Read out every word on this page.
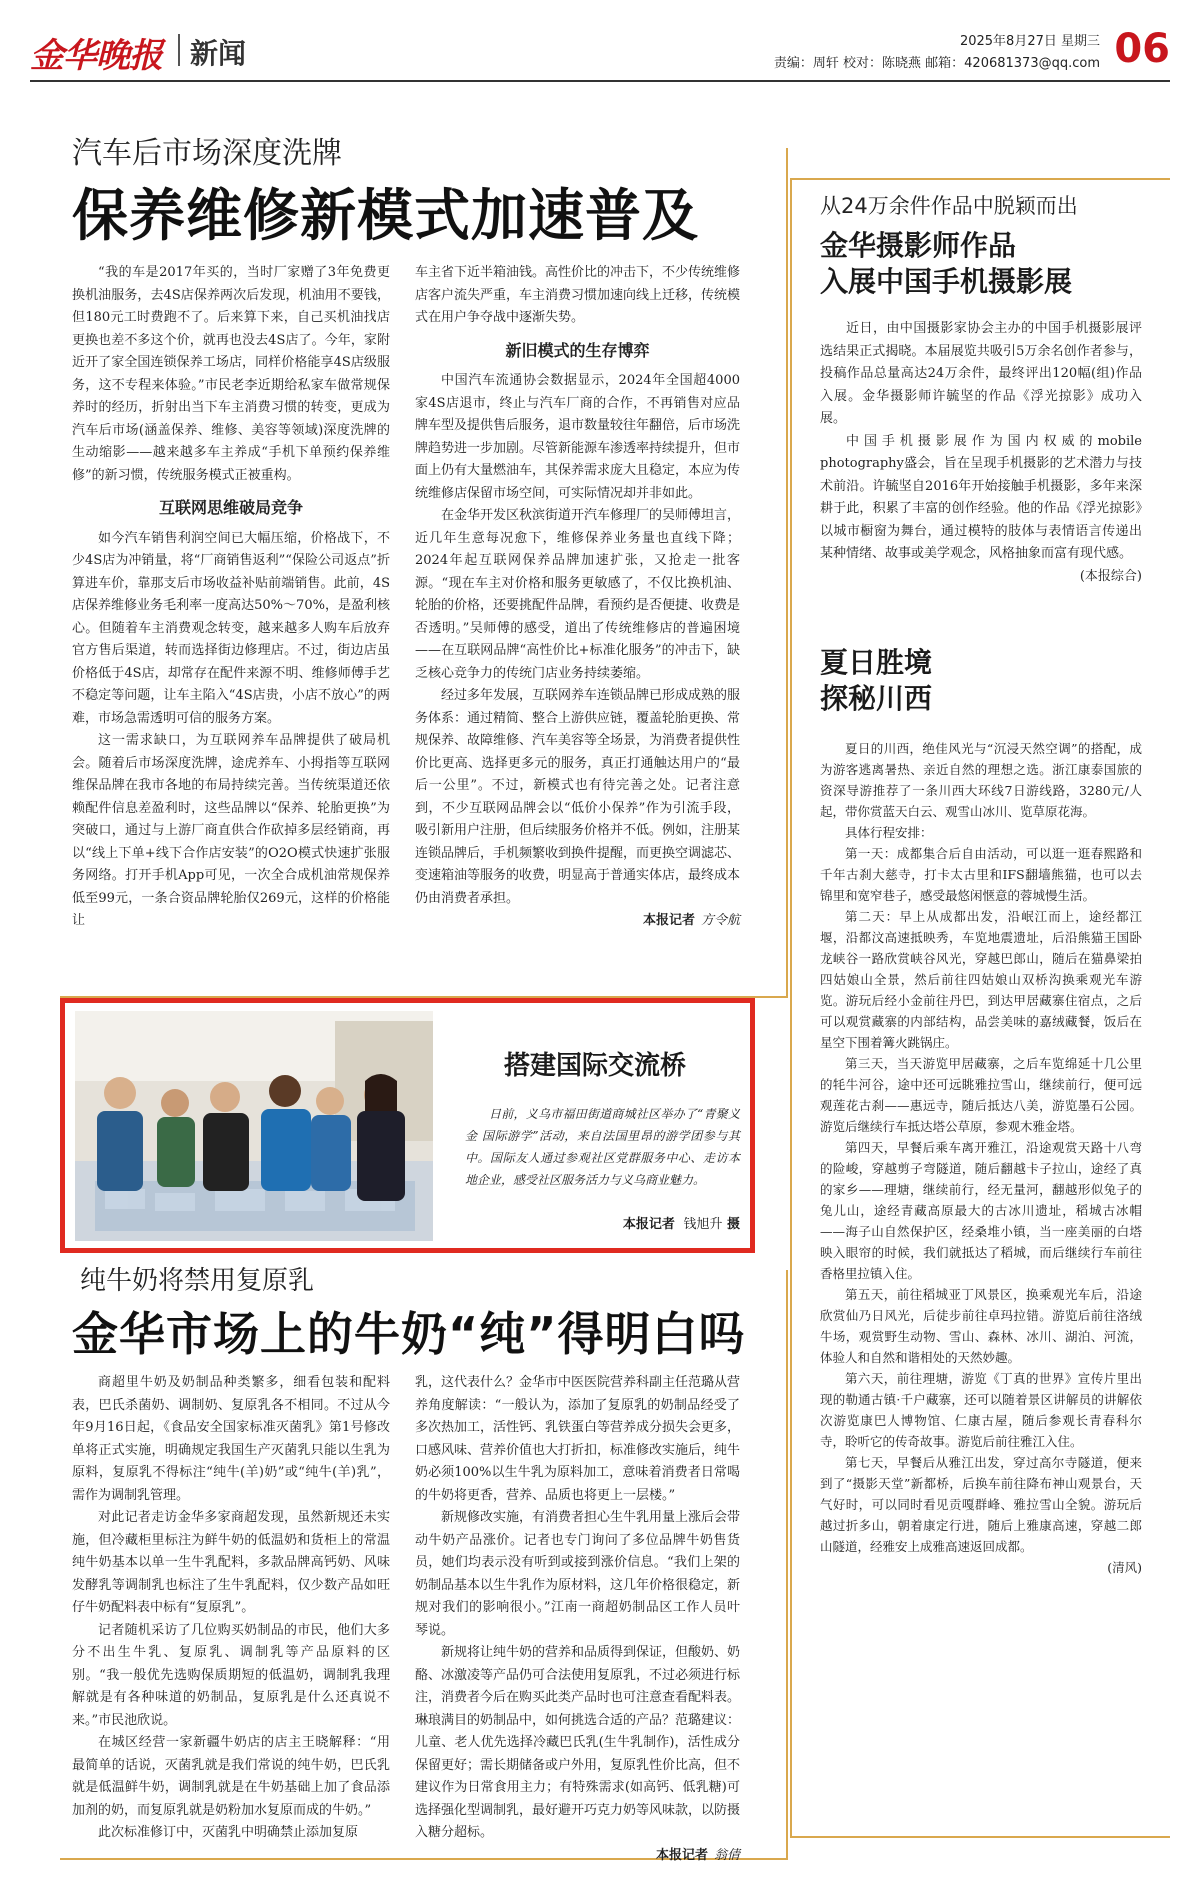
金华晚报 新闻	2025年8月27日 星期三
责编：周轩 校对：陈晓燕 邮箱：420681373@qq.com 06
汽车后市场深度洗牌
保养维修新模式加速普及

“我的车是2017年买的，当时厂家赠了3年免费更换机油服务，去4S店保养两次后发现，机油用不要钱，但180元工时费跑不了。后来算下来，自己买机油找店更换也差不多这个价，就再也没去4S店了。今年，家附近开了家全国连锁保养工场店，同样价格能享4S店级服务，这不专程来体验。”市民老李近期给私家车做常规保养时的经历，折射出当下车主消费习惯的转变，更成为汽车后市场(涵盖保养、维修、美容等领域)深度洗牌的生动缩影——越来越多车主养成“手机下单预约保养维修”的新习惯，传统服务模式正被重构。

互联网思维破局竞争

如今汽车销售利润空间已大幅压缩，价格战下，不少4S店为冲销量，将“厂商销售返利”“保险公司返点”折算进车价，靠那支后市场收益补贴前端销售。此前，4S店保养维修业务毛利率一度高达50%～70%，是盈利核心。但随着车主消费观念转变，越来越多人购车后放弃官方售后渠道，转而选择街边修理店。不过，街边店虽价格低于4S店，却常存在配件来源不明、维修师傅手艺不稳定等问题，让车主陷入“4S店贵，小店不放心”的两难，市场急需透明可信的服务方案。

这一需求缺口，为互联网养车品牌提供了破局机会。随着后市场深度洗牌，途虎养车、小拇指等互联网维保品牌在我市各地的布局持续完善。当传统渠道还依赖配件信息差盈利时，这些品牌以“保养、轮胎更换”为突破口，通过与上游厂商直供合作砍掉多层经销商，再以“线上下单+线下合作店安装”的O2O模式快速扩张服务网络。打开手机App可见，一次全合成机油常规保养低至99元，一条合资品牌轮胎仅269元，这样的价格能让

车主省下近半箱油钱。高性价比的冲击下，不少传统维修店客户流失严重，车主消费习惯加速向线上迁移，传统模式在用户争夺战中逐渐失势。

新旧模式的生存博弈

中国汽车流通协会数据显示，2024年全国超4000家4S店退市，终止与汽车厂商的合作，不再销售对应品牌车型及提供售后服务，退市数量较往年翻倍，后市场洗牌趋势进一步加剧。尽管新能源车渗透率持续提升，但市面上仍有大量燃油车，其保养需求庞大且稳定，本应为传统维修店保留市场空间，可实际情况却并非如此。

在金华开发区秋滨街道开汽车修理厂的吴师傅坦言，近几年生意每况愈下，维修保养业务量也直线下降；2024年起互联网保养品牌加速扩张，又抢走一批客源。“现在车主对价格和服务更敏感了，不仅比换机油、轮胎的价格，还要挑配件品牌，看预约是否便捷、收费是否透明。”吴师傅的感受，道出了传统维修店的普遍困境——在互联网品牌“高性价比+标准化服务”的冲击下，缺乏核心竞争力的传统门店业务持续萎缩。

经过多年发展，互联网养车连锁品牌已形成成熟的服务体系：通过精简、整合上游供应链，覆盖轮胎更换、常规保养、故障维修、汽车美容等全场景，为消费者提供性价比更高、选择更多元的服务，真正打通触达用户的“最后一公里”。不过，新模式也有待完善之处。记者注意到，不少互联网品牌会以“低价小保养”作为引流手段，吸引新用户注册，但后续服务价格并不低。例如，注册某连锁品牌后，手机频繁收到换件提醒，而更换空调滤芯、变速箱油等服务的收费，明显高于普通实体店，最终成本仍由消费者承担。

本报记者 方令航

搭建国际交流桥
日前，义乌市福田街道商城社区举办了“青聚义金 国际游学”活动，来自法国里昂的游学团参与其中。国际友人通过参观社区党群服务中心、走访本地企业，感受社区服务活力与义乌商业魅力。
本报记者 钱旭升 摄
纯牛奶将禁用复原乳
金华市场上的牛奶“纯”得明白吗

商超里牛奶及奶制品种类繁多，细看包装和配料表，巴氏杀菌奶、调制奶、复原乳各不相同。不过从今年9月16日起，《食品安全国家标准灭菌乳》第1号修改单将正式实施，明确规定我国生产灭菌乳只能以生乳为原料，复原乳不得标注“纯牛(羊)奶”或“纯牛(羊)乳”，需作为调制乳管理。

对此记者走访金华多家商超发现，虽然新规还未实施，但冷藏柜里标注为鲜牛奶的低温奶和货柜上的常温纯牛奶基本以单一生牛乳配料，多款品牌高钙奶、风味发酵乳等调制乳也标注了生牛乳配料，仅少数产品如旺仔牛奶配料表中标有“复原乳”。

记者随机采访了几位购买奶制品的市民，他们大多分不出生牛乳、复原乳、调制乳等产品原料的区别。“我一般优先选购保质期短的低温奶，调制乳我理解就是有各种味道的奶制品，复原乳是什么还真说不来。”市民池欣说。

在城区经营一家新疆牛奶店的店主王晓解释：“用最简单的话说，灭菌乳就是我们常说的纯牛奶，巴氏乳就是低温鲜牛奶，调制乳就是在牛奶基础上加了食品添加剂的奶，而复原乳就是奶粉加水复原而成的牛奶。”

此次标准修订中，灭菌乳中明确禁止添加复原

乳，这代表什么？金华市中医医院营养科副主任范璐从营养角度解读：“一般认为，添加了复原乳的奶制品经受了多次热加工，活性钙、乳铁蛋白等营养成分损失会更多，口感风味、营养价值也大打折扣，标准修改实施后，纯牛奶必须100%以生牛乳为原料加工，意味着消费者日常喝的牛奶将更香，营养、品质也将更上一层楼。”

新规修改实施，有消费者担心生牛乳用量上涨后会带动牛奶产品涨价。记者也专门询问了多位品牌牛奶售货员，她们均表示没有听到或接到涨价信息。“我们上架的奶制品基本以生牛乳作为原材料，这几年价格很稳定，新规对我们的影响很小。”江南一商超奶制品区工作人员叶琴说。

新规将让纯牛奶的营养和品质得到保证，但酸奶、奶酪、冰激凌等产品仍可合法使用复原乳，不过必须进行标注，消费者今后在购买此类产品时也可注意查看配料表。琳琅满目的奶制品中，如何挑选合适的产品？范璐建议：儿童、老人优先选择冷藏巴氏乳(生牛乳制作)，活性成分保留更好；需长期储备或户外用，复原乳性价比高，但不建议作为日常食用主力；有特殊需求(如高钙、低乳糖)可选择强化型调制乳，最好避开巧克力奶等风味款，以防摄入糖分超标。

本报记者 翁倩

从24万余件作品中脱颖而出
金华摄影师作品
入展中国手机摄影展

近日，由中国摄影家协会主办的中国手机摄影展评选结果正式揭晓。本届展览共吸引5万余名创作者参与，投稿作品总量高达24万余件，最终评出120幅(组)作品入展。金华摄影师许毓坚的作品《浮光掠影》成功入展。

中国手机摄影展作为国内权威的mobile photography盛会，旨在呈现手机摄影的艺术潜力与技术前沿。许毓坚自2016年开始接触手机摄影，多年来深耕于此，积累了丰富的创作经验。他的作品《浮光掠影》以城市橱窗为舞台，通过模特的肢体与表情语言传递出某种情绪、故事或美学观念，风格抽象而富有现代感。

(本报综合)

夏日胜境
探秘川西

夏日的川西，绝佳风光与“沉浸天然空调”的搭配，成为游客逃离暑热、亲近自然的理想之选。浙江康泰国旅的资深导游推荐了一条川西大环线7日游线路，3280元/人起，带你赏蓝天白云、观雪山冰川、览草原花海。

具体行程安排：

第一天：成都集合后自由活动，可以逛一逛春熙路和千年古刹大慈寺，打卡太古里和IFS翻墙熊猫，也可以去锦里和宽窄巷子，感受最悠闲惬意的蓉城慢生活。

第二天：早上从成都出发，沿岷江而上，途经都江堰，沿都汶高速抵映秀，车览地震遗址，后沿熊猫王国卧龙峡谷一路欣赏峡谷风光，穿越巴郎山，随后在猫鼻梁拍四姑娘山全景，然后前往四姑娘山双桥沟换乘观光车游览。游玩后经小金前往丹巴，到达甲居藏寨住宿点，之后可以观赏藏寨的内部结构，品尝美味的嘉绒藏餐，饭后在星空下围着篝火跳锅庄。

第三天，当天游览甲居藏寨，之后车览绵延十几公里的牦牛河谷，途中还可远眺雅拉雪山，继续前行，便可远观莲花古刹——惠远寺，随后抵达八美，游览墨石公园。游览后继续行车抵达塔公草原，参观木雅金塔。

第四天，早餐后乘车离开雅江，沿途观赏天路十八弯的险峻，穿越剪子弯隧道，随后翻越卡子拉山，途经了真的家乡——理塘，继续前行，经无量河，翻越形似兔子的兔儿山，途经青藏高原最大的古冰川遗址，稻城古冰帽——海子山自然保护区，经桑堆小镇，当一座美丽的白塔映入眼帘的时候，我们就抵达了稻城，而后继续行车前往香格里拉镇入住。

第五天，前往稻城亚丁风景区，换乘观光车后，沿途欣赏仙乃日风光，后徒步前往卓玛拉错。游览后前往洛绒牛场，观赏野生动物、雪山、森林、冰川、湖泊、河流，体验人和自然和谐相处的天然妙趣。

第六天，前往理塘，游览《丁真的世界》宣传片里出现的勒通古镇·千户藏寨，还可以随着景区讲解员的讲解依次游览康巴人博物馆、仁康古屋，随后参观长青春科尔寺，聆听它的传奇故事。游览后前往雅江入住。

第七天，早餐后从雅江出发，穿过高尔寺隧道，便来到了“摄影天堂”新都桥，后换车前往降布神山观景台，天气好时，可以同时看见贡嘎群峰、雅拉雪山全貌。游玩后越过折多山，朝着康定行进，随后上雅康高速，穿越二郎山隧道，经雅安上成雅高速返回成都。

(清风)
